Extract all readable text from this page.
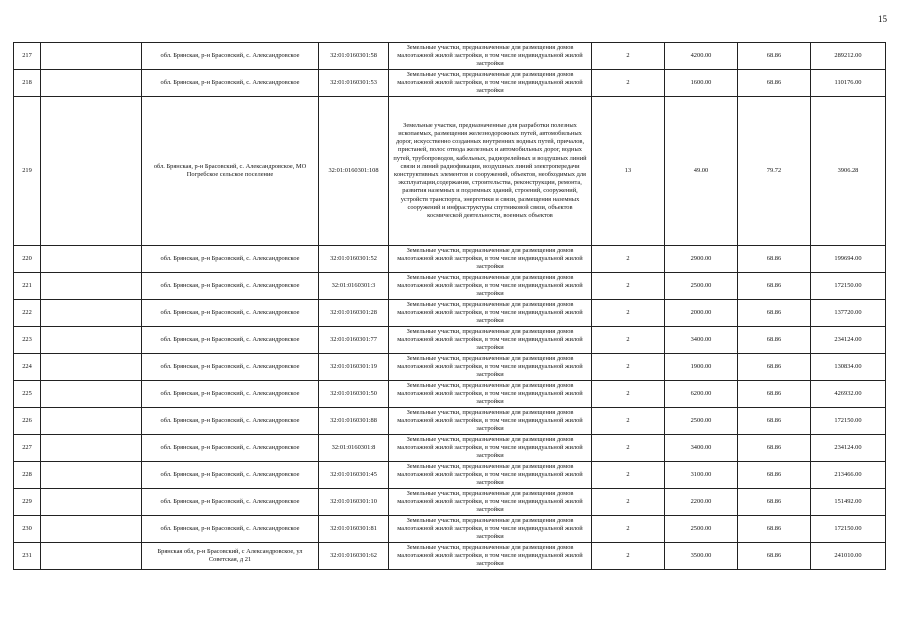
15
217		обл. Брянская, р-н Брасовский, с. Александровское	32:01:0160301:58	Земельные участки, предназначенные для размещения домов малоэтажной жилой застройки, в том числе индивидуальной жилой застройки	2	4200.00	68.86	289212.00
218		обл. Брянская, р-н Брасовский, с. Александровское	32:01:0160301:53	Земельные участки, предназначенные для размещения домов малоэтажной жилой застройки, в том числе индивидуальной жилой застройки	2	1600.00	68.86	110176.00
219		обл. Брянская, р-н Брасовский, с. Александровское, МО Погребское сельское поселение	32:01:0160301:108	Земельные участки, предназначенные для разработки полезных ископаемых, размещения железнодорожных путей, автомобильных дорог, искусственно созданных внутренних водных путей, причалов, пристаней, полос отвода железных и автомобильных дорог, водных путей, трубопроводов, кабельных, радиорелейных и воздушных линий связи и линий радиофикации, воздушных линий электропередачи конструктивных элементов и сооружений, объектов, необходимых для эксплуатации,содержания, строительства, реконструкции, ремонта, развития наземных и подземных зданий, строений, сооружений, устройств транспорта, энергетики и связи, размещения наземных сооружений и инфраструктуры спутниковой связи, объектов космической деятельности, военных объектов	13	49.00	79.72	3906.28
220		обл. Брянская, р-н Брасовский, с. Александровское	32:01:0160301:52	Земельные участки, предназначенные для размещения домов малоэтажной жилой застройки, в том числе индивидуальной жилой застройки	2	2900.00	68.86	199694.00
221		обл. Брянская, р-н Брасовский, с. Александровское	32:01:0160301:3	Земельные участки, предназначенные для размещения домов малоэтажной жилой застройки, в том числе индивидуальной жилой застройки	2	2500.00	68.86	172150.00
222		обл. Брянская, р-н Брасовский, с. Александровское	32:01:0160301:28	Земельные участки, предназначенные для размещения домов малоэтажной жилой застройки, в том числе индивидуальной жилой застройки	2	2000.00	68.86	137720.00
223		обл. Брянская, р-н Брасовский, с. Александровское	32:01:0160301:77	Земельные участки, предназначенные для размещения домов малоэтажной жилой застройки, в том числе индивидуальной жилой застройки	2	3400.00	68.86	234124.00
224		обл. Брянская, р-н Брасовский, с. Александровское	32:01:0160301:19	Земельные участки, предназначенные для размещения домов малоэтажной жилой застройки, в том числе индивидуальной жилой застройки	2	1900.00	68.86	130834.00
225		обл. Брянская, р-н Брасовский, с. Александровское	32:01:0160301:50	Земельные участки, предназначенные для размещения домов малоэтажной жилой застройки, в том числе индивидуальной жилой застройки	2	6200.00	68.86	426932.00
226		обл. Брянская, р-н Брасовский, с. Александровское	32:01:0160301:88	Земельные участки, предназначенные для размещения домов малоэтажной жилой застройки, в том числе индивидуальной жилой застройки	2	2500.00	68.86	172150.00
227		обл. Брянская, р-н Брасовский, с. Александровское	32:01:0160301:8	Земельные участки, предназначенные для размещения домов малоэтажной жилой застройки, в том числе индивидуальной жилой застройки	2	3400.00	68.86	234124.00
228		обл. Брянская, р-н Брасовский, с. Александровское	32:01:0160301:45	Земельные участки, предназначенные для размещения домов малоэтажной жилой застройки, в том числе индивидуальной жилой застройки	2	3100.00	68.86	213466.00
229		обл. Брянская, р-н Брасовский, с. Александровское	32:01:0160301:10	Земельные участки, предназначенные для размещения домов малоэтажной жилой застройки, в том числе индивидуальной жилой застройки	2	2200.00	68.86	151492.00
230		обл. Брянская, р-н Брасовский, с. Александровское	32:01:0160301:81	Земельные участки, предназначенные для размещения домов малоэтажной жилой застройки, в том числе индивидуальной жилой застройки	2	2500.00	68.86	172150.00
231		Брянская обл, р-н Брасовский, с Александровское, ул Советская, д 21	32:01:0160301:62	Земельные участки, предназначенные для размещения домов малоэтажной жилой застройки, в том числе индивидуальной жилой застройки	2	3500.00	68.86	241010.00
